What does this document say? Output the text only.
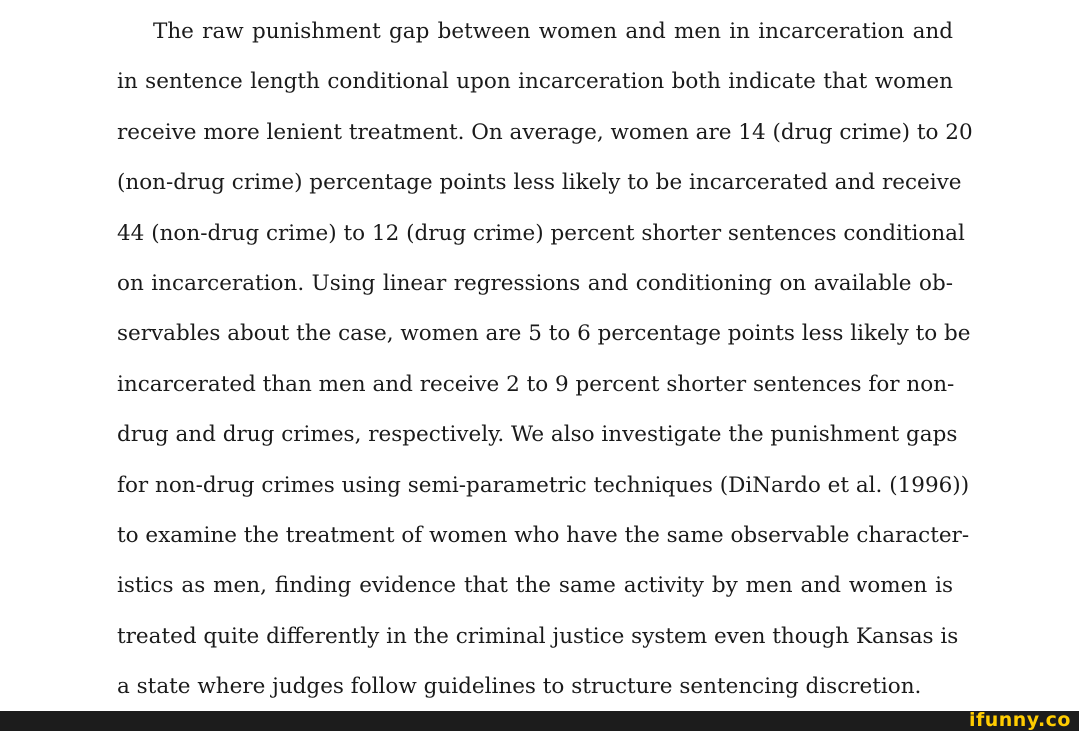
The raw punishment gap between women and men in incarceration and
in sentence length conditional upon incarceration both indicate that women
receive more lenient treatment. On average, women are 14 (drug crime) to 20
(non-drug crime) percentage points less likely to be incarcerated and receive
44 (non-drug crime) to 12 (drug crime) percent shorter sentences conditional
on incarceration. Using linear regressions and conditioning on available ob-
servables about the case, women are 5 to 6 percentage points less likely to be
incarcerated than men and receive 2 to 9 percent shorter sentences for non-
drug and drug crimes, respectively. We also investigate the punishment gaps
for non-drug crimes using semi-parametric techniques (DiNardo et al. (1996))
to examine the treatment of women who have the same observable character-
istics as men, finding evidence that the same activity by men and women is
treated quite differently in the criminal justice system even though Kansas is
a state where judges follow guidelines to structure sentencing discretion.
ifunny.co
